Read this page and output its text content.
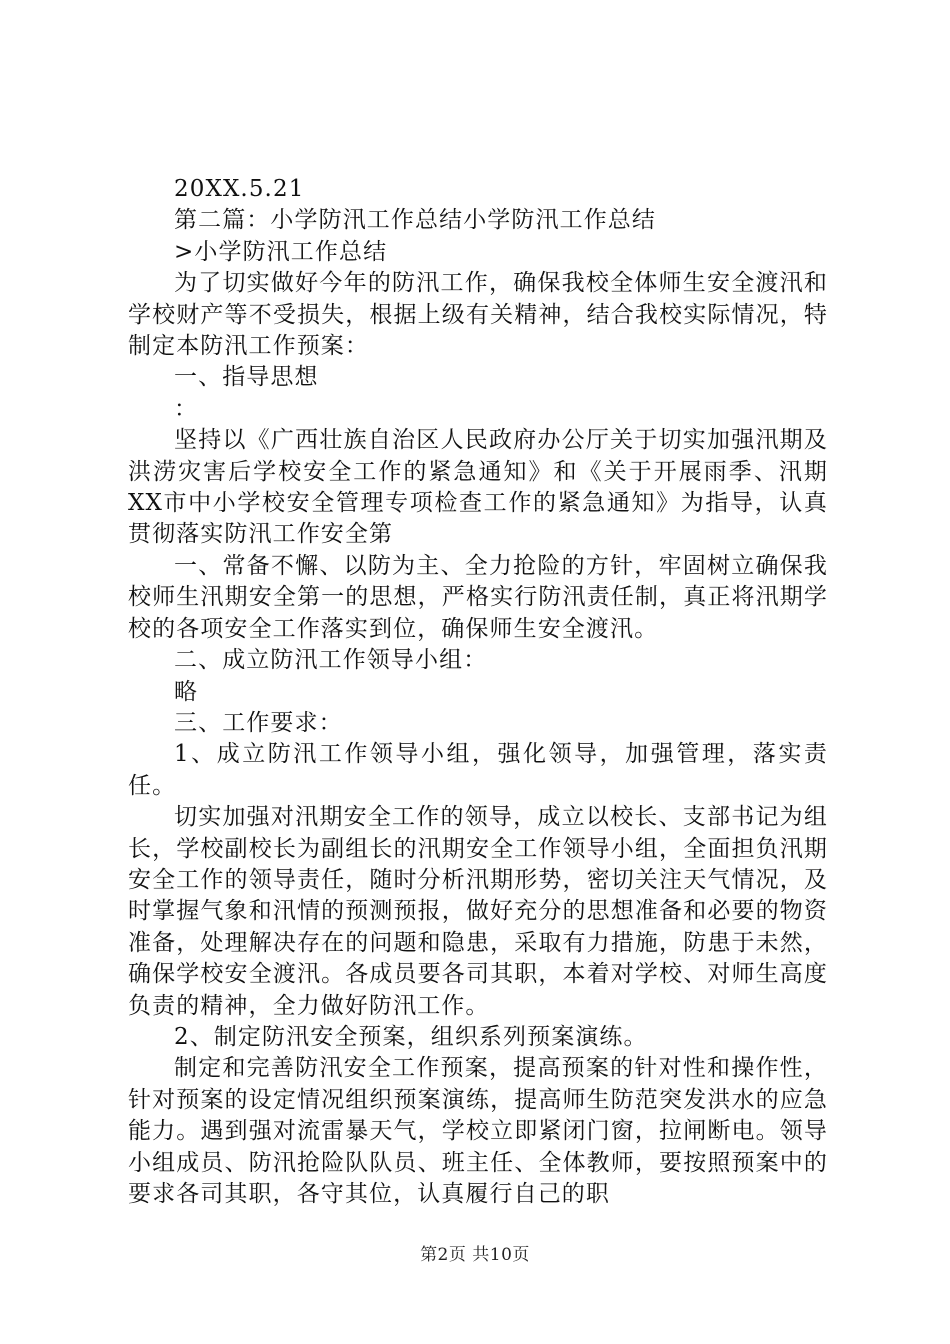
20XX.5.21

第二篇：小学防汛工作总结小学防汛工作总结

>小学防汛工作总结

为了切实做好今年的防汛工作，确保我校全体师生安全渡汛和学校财产等不受损失，根据上级有关精神，结合我校实际情况，特制定本防汛工作预案：

一、指导思想

：

坚持以《广西壮族自治区人民政府办公厅关于切实加强汛期及洪涝灾害后学校安全工作的紧急通知》和《关于开展雨季、汛期XX市中小学校安全管理专项检查工作的紧急通知》为指导，认真贯彻落实防汛工作安全第

一、常备不懈、以防为主、全力抢险的方针，牢固树立确保我校师生汛期安全第一的思想，严格实行防汛责任制，真正将汛期学校的各项安全工作落实到位，确保师生安全渡汛。

二、成立防汛工作领导小组：

略

三、工作要求：

1、成立防汛工作领导小组，强化领导，加强管理，落实责任。

切实加强对汛期安全工作的领导，成立以校长、支部书记为组长，学校副校长为副组长的汛期安全工作领导小组，全面担负汛期安全工作的领导责任，随时分析汛期形势，密切关注天气情况，及时掌握气象和汛情的预测预报，做好充分的思想准备和必要的物资准备，处理解决存在的问题和隐患，采取有力措施，防患于未然，确保学校安全渡汛。各成员要各司其职，本着对学校、对师生高度负责的精神，全力做好防汛工作。

2、制定防汛安全预案，组织系列预案演练。

制定和完善防汛安全工作预案，提高预案的针对性和操作性，针对预案的设定情况组织预案演练，提高师生防范突发洪水的应急能力。遇到强对流雷暴天气，学校立即紧闭门窗，拉闸断电。领导小组成员、防汛抢险队队员、班主任、全体教师，要按照预案中的要求各司其职，各守其位，认真履行自己的职

第2页 共10页
